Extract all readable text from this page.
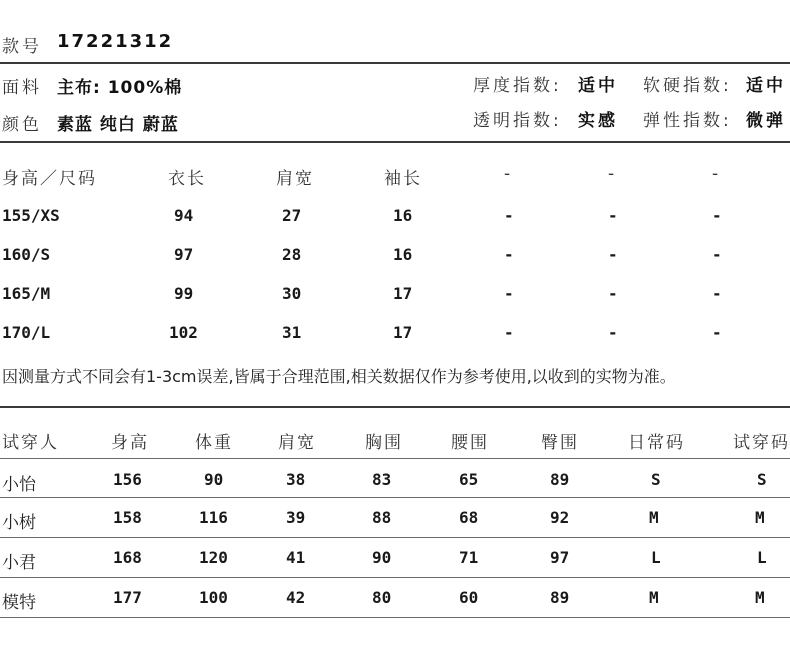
款号 17221312
面料 主布: 100%棉
颜色 素蓝 纯白 蔚蓝
厚度指数: 适中 软硬指数: 适中
透明指数: 实感 弹性指数: 微弹
身高／尺码	衣长	肩宽	袖长	-	-	-
155/XS	94	27	16	-	-	-
160/S	97	28	16	-	-	-
165/M	99	30	17	-	-	-
170/L	102	31	17	-	-	-
因测量方式不同会有1-3cm误差,皆属于合理范围,相关数据仅作为参考使用,以收到的实物为准。
试穿人	身高	体重	肩宽	胸围	腰围	臀围	日常码	试穿码
小怡	156	90	38	83	65	89	S	S
小树	158	116	39	88	68	92	M	M
小君	168	120	41	90	71	97	L	L
模特	177	100	42	80	60	89	M	M
